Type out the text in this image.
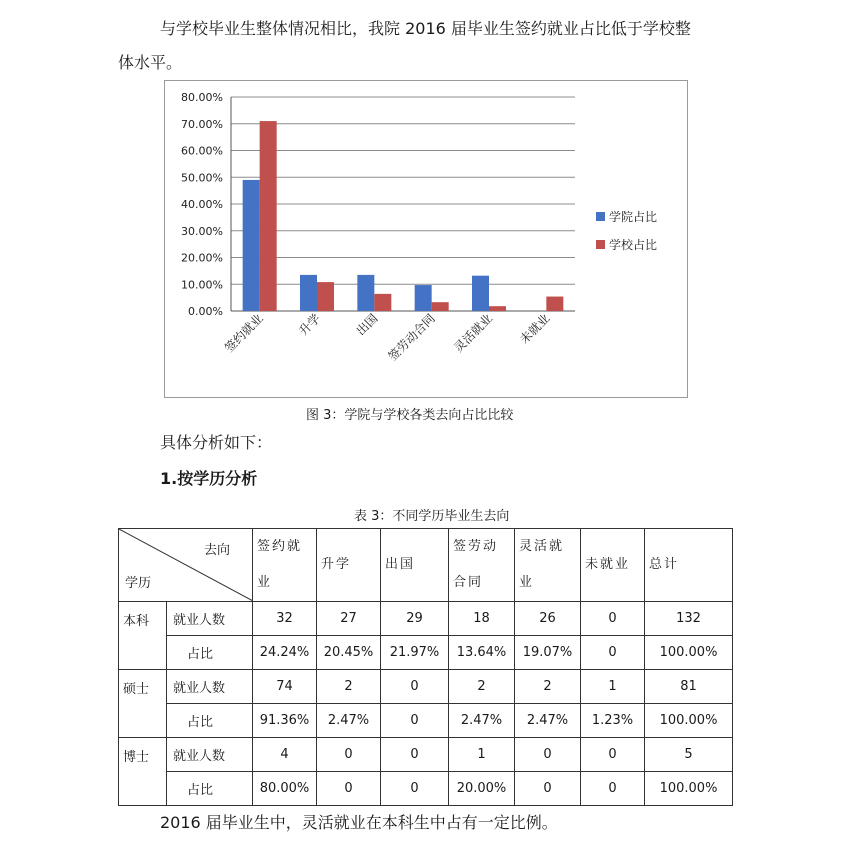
与学校毕业生整体情况相比，我院 2016 届毕业生签约就业占比低于学校整
体水平。
0.00%
10.00%
20.00%
30.00%
40.00%
50.00%
60.00%
70.00%
80.00%
签约就业	升学	出国 签劳动合同 灵活就业 未就业
学院占比
学校占比
图 3：学院与学校各类去向占比比较
具体分析如下：
1.按学历分析
表 3：不同学历毕业生去向
去向
学历		签约就业	升学	出国	签劳动合同	灵活就业	未就业	总计

本科	就业人数	32	27	29	18	26	0	132
	占比	24.24%	20.45%	21.97%	13.64%	19.07%	0	100.00%
硕士	就业人数	74	2	0	2	2	1	81
	占比	91.36%	2.47%	0	2.47%	2.47%	1.23%	100.00%
博士	就业人数	4	0	0	1	0	0	5
	占比	80.00%	0	0	20.00%	0	0	100.00%
2016 届毕业生中，灵活就业在本科生中占有一定比例。
